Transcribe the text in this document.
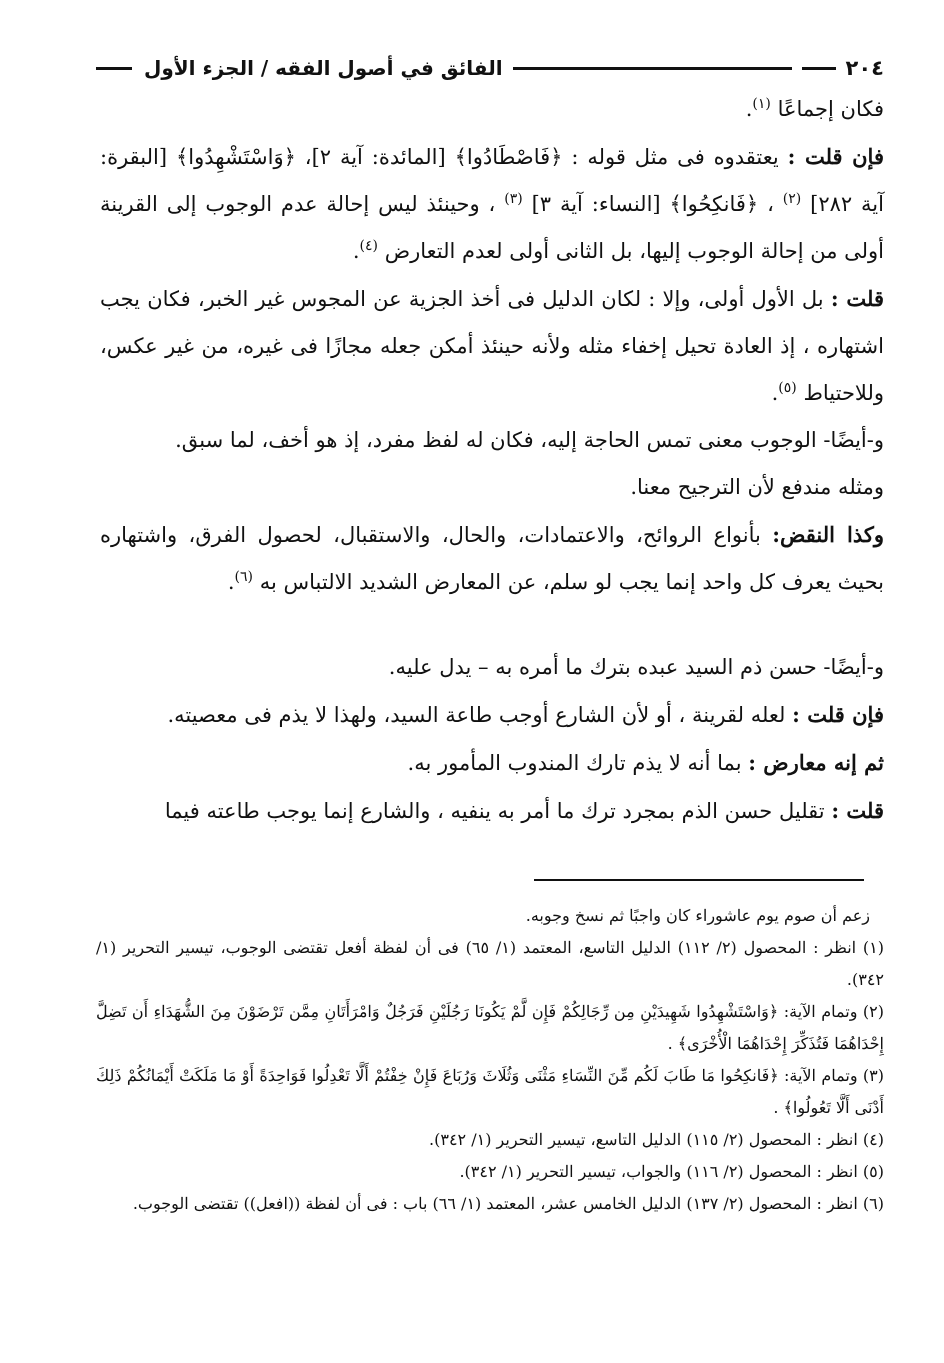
٢٠٤
الفائق في أصول الفقه / الجزء الأول

فكان إجماعًا $^{(١)}$.

فإن قلت : يعتقدوه فى مثل قوله : ﴿فَاصْطَادُوا﴾ [المائدة: آية ٢]، ﴿وَاسْتَشْهِدُوا﴾ [البقرة: آية ٢٨٢] $^{(٢)}$ ، ﴿فَانكِحُوا﴾ [النساء: آية ٣] $^{(٣)}$ ، وحينئذ ليس إحالة عدم الوجوب إلى القرينة أولى من إحالة الوجوب إليها، بل الثانى أولى لعدم التعارض $^{(٤)}$.

قلت : بل الأول أولى، وإلا : لكان الدليل فى أخذ الجزية عن المجوس غير الخبر، فكان يجب اشتهاره ، إذ العادة تحيل إخفاء مثله ولأنه حينئذ أمكن جعله مجازًا فى غيره، من غير عكس، وللاحتياط $^{(٥)}$.

و-أيضًا- الوجوب معنى تمس الحاجة إليه، فكان له لفظ مفرد، إذ هو أخف، لما سبق.

ومثله مندفع لأن الترجيح معنا.

وكذا النقض: بأنواع الروائح، والاعتمادات، والحال، والاستقبال، لحصول الفرق، واشتهاره بحيث يعرف كل واحد إنما يجب لو سلم، عن المعارض الشديد الالتباس به $^{(٦)}$.

و-أيضًا- حسن ذم السيد عبده بترك ما أمره به – يدل عليه.

فإن قلت : لعله لقرينة ، أو لأن الشارع أوجب طاعة السيد، ولهذا لا يذم فى معصيته.

ثم إنه معارض : بما أنه لا يذم تارك المندوب المأمور به.

قلت : تقليل حسن الذم بمجرد ترك ما أمر به ينفيه ، والشارع إنما يوجب طاعته فيما

زعم أن صوم يوم عاشوراء كان واجبًا ثم نسخ وجوبه.

(١) انظر : المحصول (٢/ ١١٢) الدليل التاسع، المعتمد (١/ ٦٥) فى أن لفظة أفعل تقتضى الوجوب، تيسير التحرير (١/ ٣٤٢).

(٢) وتمام الآية: ﴿وَاسْتَشْهِدُوا شَهِيدَيْنِ مِن رِّجَالِكُمْ فَإِن لَّمْ يَكُونَا رَجُلَيْنِ فَرَجُلٌ وَامْرَأَتَانِ مِمَّن تَرْضَوْنَ مِنَ الشُّهَدَاءِ أَن تَضِلَّ إِحْدَاهُمَا فَتُذَكِّرَ إِحْدَاهُمَا الْأُخْرَى﴾ .

(٣) وتمام الآية: ﴿فَانكِحُوا مَا طَابَ لَكُم مِّنَ النِّسَاءِ مَثْنَى وَثُلَاثَ وَرُبَاعَ فَإِنْ خِفْتُمْ أَلَّا تَعْدِلُوا فَوَاحِدَةً أَوْ مَا مَلَكَتْ أَيْمَانُكُمْ ذَلِكَ أَدْنَى أَلَّا تَعُولُوا﴾ .

(٤) انظر : المحصول (٢/ ١١٥) الدليل التاسع، تيسير التحرير (١/ ٣٤٢).

(٥) انظر : المحصول (٢/ ١١٦) والجواب، تيسير التحرير (١/ ٣٤٢).

(٦) انظر : المحصول (٢/ ١٣٧) الدليل الخامس عشر، المعتمد (١/ ٦٦) باب : فى أن لفظة ((افعل)) تقتضى الوجوب.
